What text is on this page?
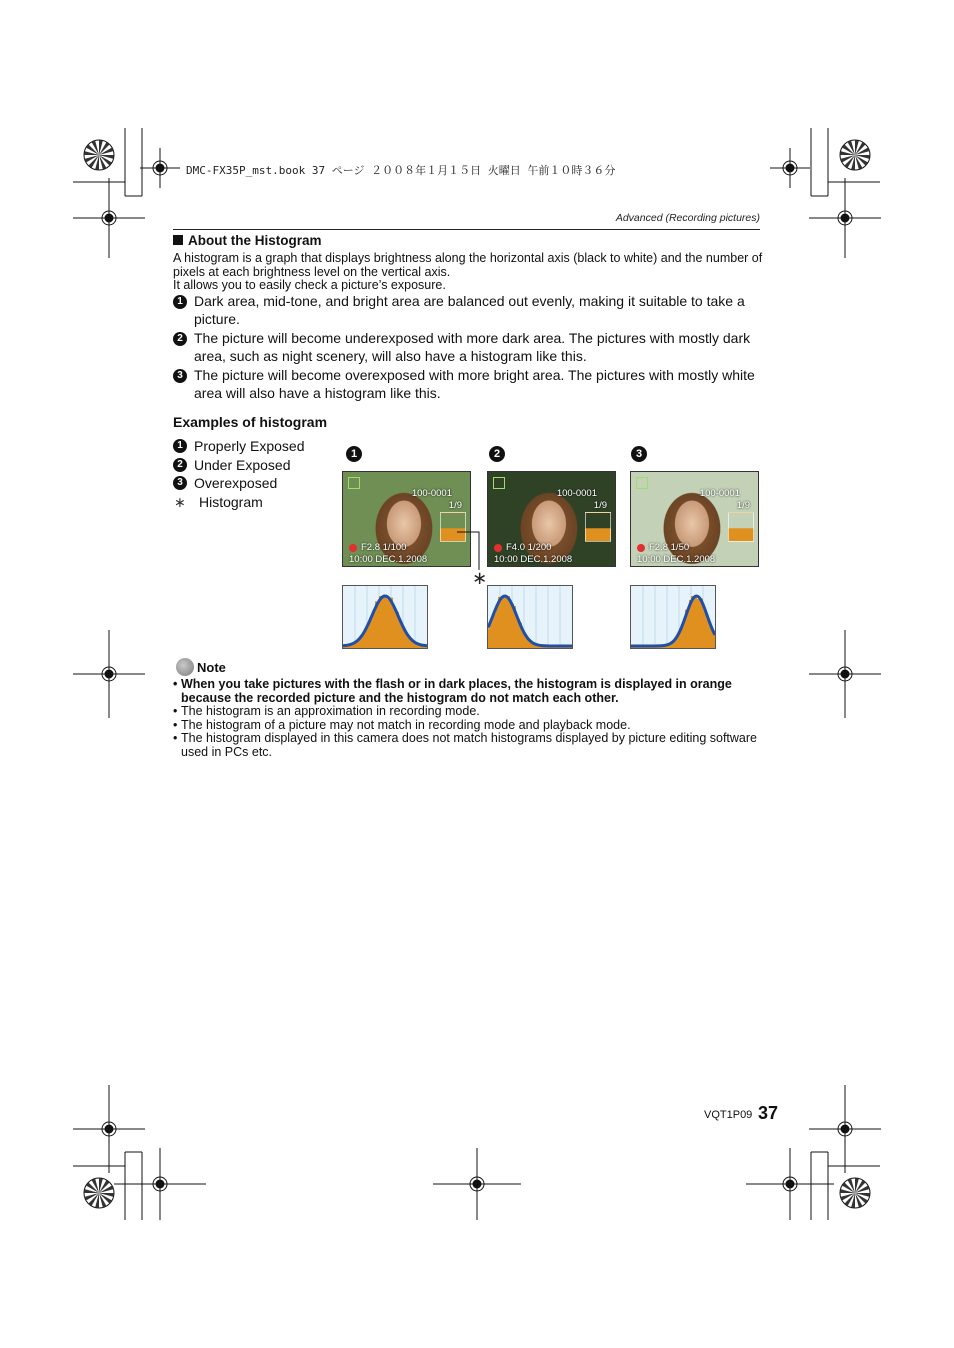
DMC-FX35P_mst.book 37 ページ ２００８年１月１５日 火曜日 午前１０時３６分
Advanced (Recording pictures)
About the Histogram
A histogram is a graph that displays brightness along the horizontal axis (black to white) and the number of pixels at each brightness level on the vertical axis.
It allows you to easily check a picture’s exposure.
1 Dark area, mid-tone, and bright area are balanced out evenly, making it suitable to take a picture.
2 The picture will become underexposed with more dark area. The pictures with mostly dark area, such as night scenery, will also have a histogram like this.
3 The picture will become overexposed with more bright area. The pictures with mostly white area will also have a histogram like this.
Examples of histogram
1 Properly Exposed
2 Under Exposed
3 Overexposed
∗ Histogram
1	2	3
100-0001
1/9
F2.8 1/100
10:00 DEC.1.2008
100-0001
1/9
F4.0 1/200
10:00 DEC.1.2008
100-0001
1/9
F2.8 1/50
10:00 DEC.1.2008
∗
Note
• When you take pictures with the flash or in dark places, the histogram is displayed in orange because the recorded picture and the histogram do not match each other.
• The histogram is an approximation in recording mode.
• The histogram of a picture may not match in recording mode and playback mode.
• The histogram displayed in this camera does not match histograms displayed by picture editing software used in PCs etc.
VQT1P09 37
